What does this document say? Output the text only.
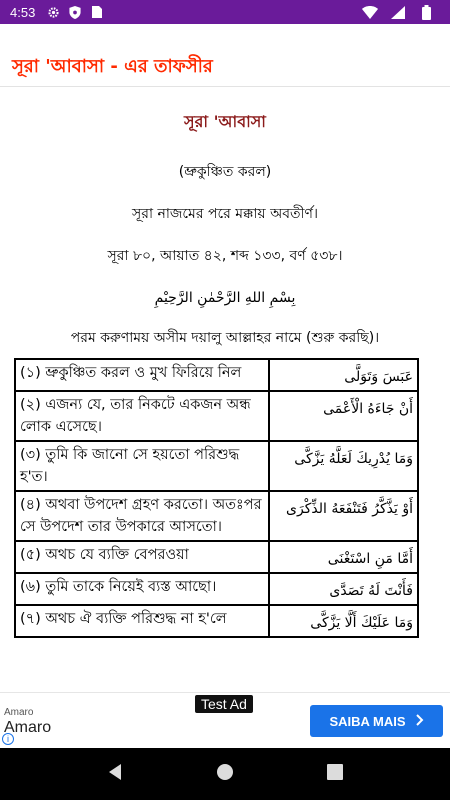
4:53
সূরা 'আবাসা - এর তাফসীর
সূরা 'আবাসা
(ভ্রুকুঞ্চিত করল)
সূরা নাজমের পরে মক্কায় অবতীর্ণ।
সূরা ৮০, আয়াত ৪২, শব্দ ১৩৩, বর্ণ ৫৩৮।
بِسْمِ اللهِ الرَّحْمٰنِ الرَّحِيْمِ
পরম করুণাময় অসীম দয়ালু আল্লাহর নামে (শুরু করছি)।
(১) ভ্রুকুঞ্চিত করল ও মুখ ফিরিয়ে নিল	عَبَسَ وَتَوَلَّى
(২) এজন্য যে, তার নিকটে একজন অন্ধ লোক এসেছে।	أَنْ جَاءَهُ الْأَعْمَى
(৩) তুমি কি জানো সে হয়তো পরিশুদ্ধ হ'ত।	وَمَا يُدْرِيكَ لَعَلَّهُ يَزَّكَّى
(৪) অথবা উপদেশ গ্রহণ করতো। অতঃপর সে উপদেশ তার উপকারে আসতো।	أَوْ يَذَّكَّرُ فَتَنْفَعَهُ الذِّكْرَى
(৫) অথচ যে ব্যক্তি বেপরওয়া	أَمَّا مَنِ اسْتَغْنَى
(৬) তুমি তাকে নিয়েই ব্যস্ত আছো।	فَأَنْتَ لَهُ تَصَدَّى
(৭) অথচ ঐ ব্যক্তি পরিশুদ্ধ না হ'লে	وَمَا عَلَيْكَ أَلَّا يَزَّكَّى
Test Ad
Amaro
Amaro
i
SAIBA MAIS
